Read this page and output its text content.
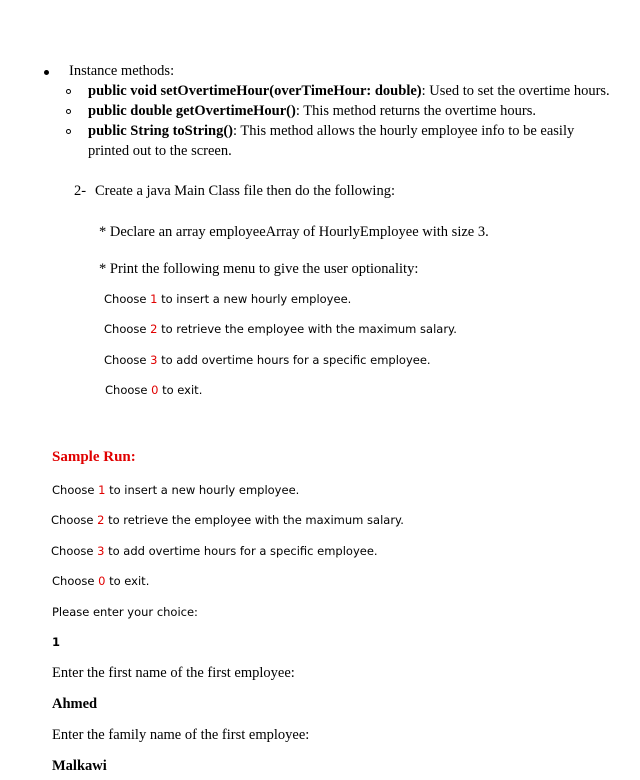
Instance methods:
public void setOvertimeHour(overTimeHour: double): Used to set the overtime hours.
public double getOvertimeHour(): This method returns the overtime hours.
public String toString(): This method allows the hourly employee info to be easily
printed out to the screen.
2- Create a java Main Class file then do the following:
* Declare an array employeeArray of HourlyEmployee with size 3.
* Print the following menu to give the user optionality:
Choose 1 to insert a new hourly employee.
Choose 2 to retrieve the employee with the maximum salary.
Choose 3 to add overtime hours for a specific employee.
Choose 0 to exit.
Sample Run:
Choose 1 to insert a new hourly employee.
Choose 2 to retrieve the employee with the maximum salary.
Choose 3 to add overtime hours for a specific employee.
Choose 0 to exit.
Please enter your choice:
1
Enter the first name of the first employee:
Ahmed
Enter the family name of the first employee:
Malkawi
